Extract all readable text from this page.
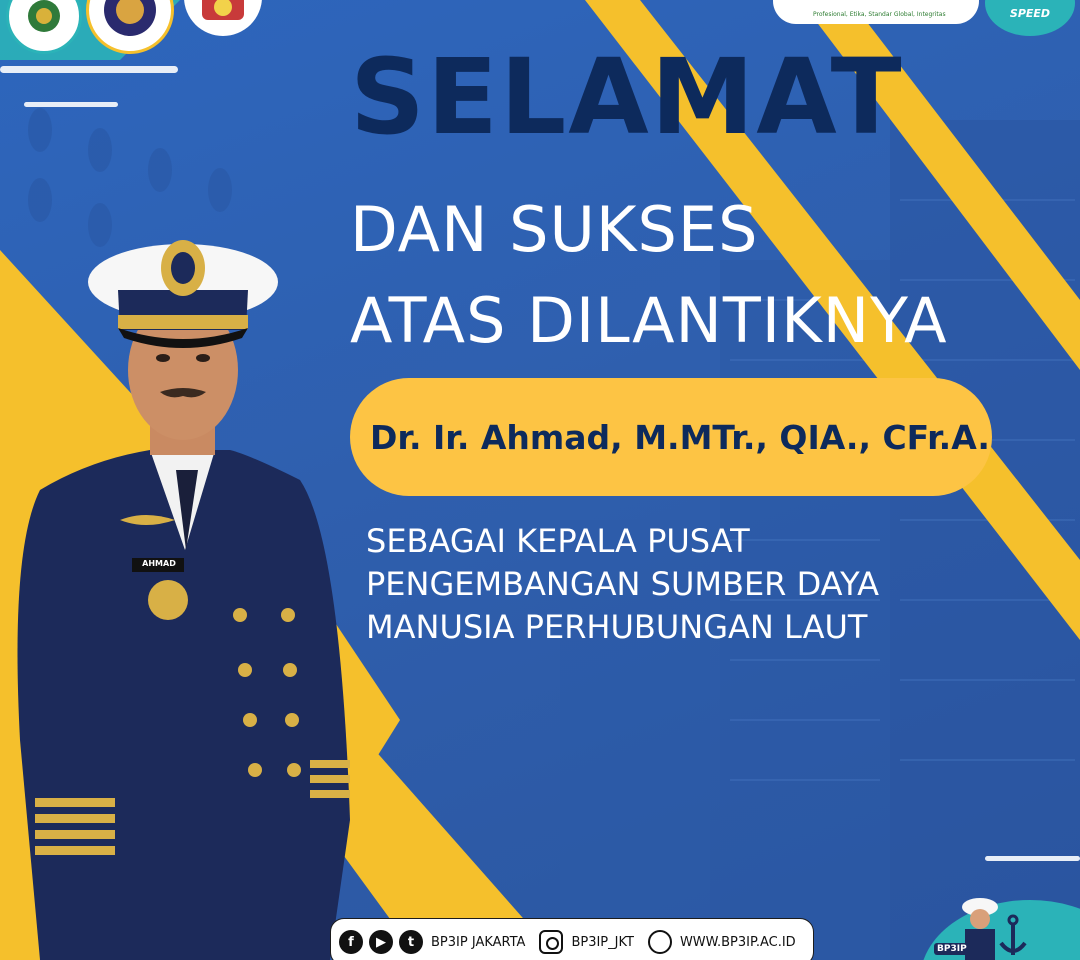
Profesional, Etika, Standar Global, Integritas	SPEED
AHMAD
SELAMAT
DAN SUKSES
ATAS DILANTIKNYA
Dr. Ir. Ahmad, M.MTr., QIA., CFr.A.
SEBAGAI KEPALA PUSAT
PENGEMBANGAN SUMBER DAYA
MANUSIA PERHUBUNGAN LAUT
BP3IP
f	▶	t	BP3IP JAKARTA	BP3IP_JKT	WWW.BP3IP.AC.ID
